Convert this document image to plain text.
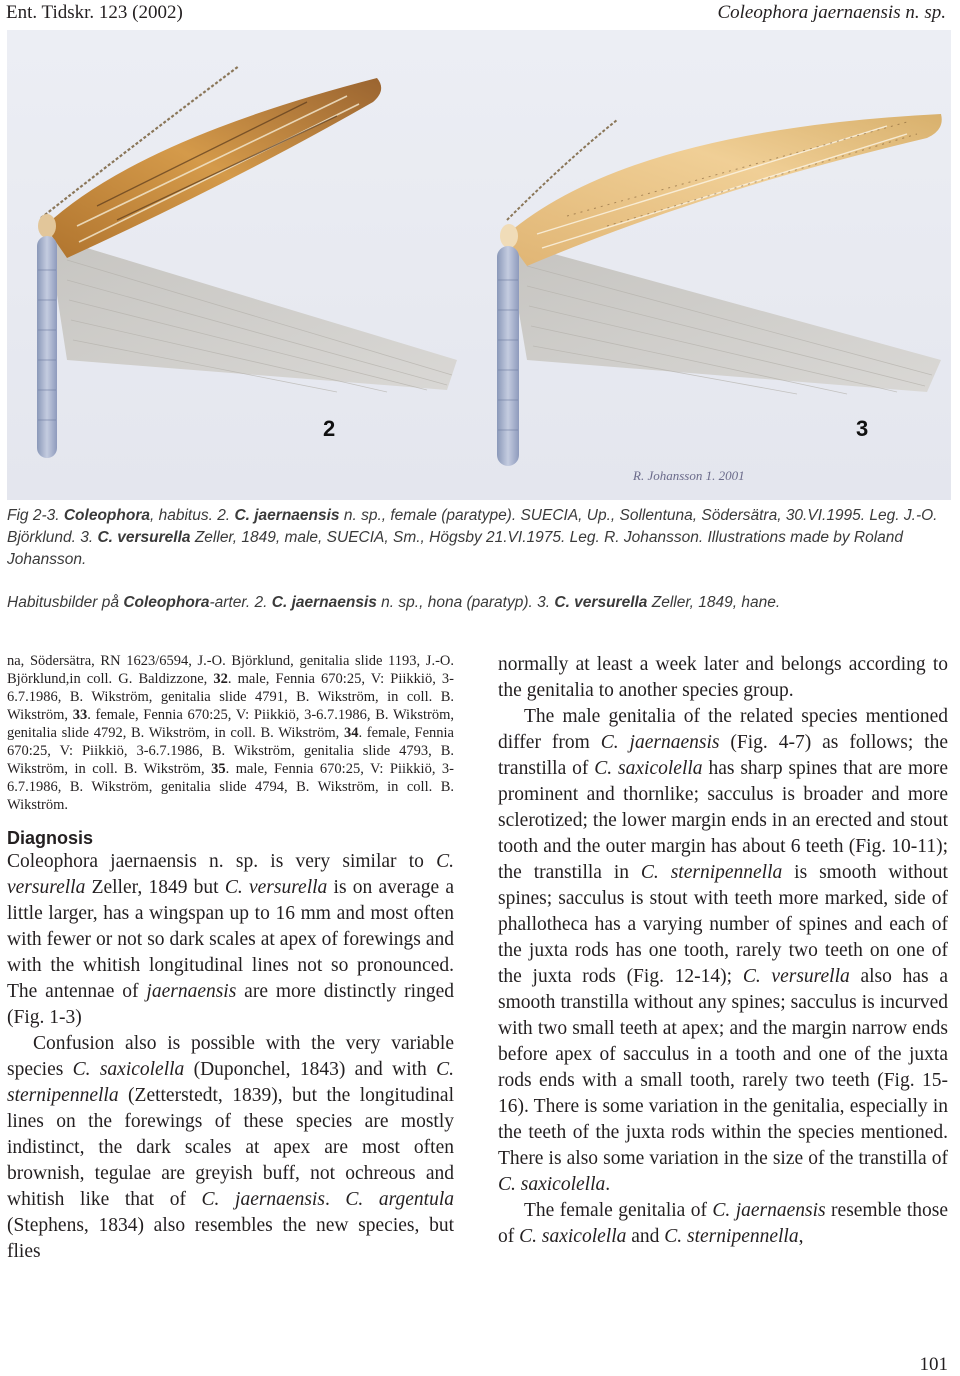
Ent. Tidskr. 123 (2002)	Coleophora jaernaensis n. sp.
2	3
R. Johansson 1. 2001
Fig 2-3. Coleophora, habitus. 2. C. jaernaensis n. sp., female (paratype). SUECIA, Up., Sollentuna, Södersätra, 30.VI.1995. Leg. J.-O. Björklund. 3. C. versurella Zeller, 1849, male, SUECIA, Sm., Högsby 21.VI.1975. Leg. R. Johansson. Illustrations made by Roland Johansson.
Habitusbilder på Coleophora-arter. 2. C. jaernaensis n. sp., hona (paratyp). 3. C. versurella Zeller, 1849, hane.

na, Södersätra, RN 1623/6594, J.-O. Björklund, genitalia slide 1193, J.-O. Björklund,in coll. G. Baldizzone, 32. male, Fennia 670:25, V: Piikkiö, 3-6.7.1986, B. Wikström, genitalia slide 4791, B. Wikström, in coll. B. Wikström, 33. female, Fennia 670:25, V: Piikkiö, 3-6.7.1986, B. Wikström, genitalia slide 4792, B. Wikström, in coll. B. Wikström, 34. female, Fennia 670:25, V: Piikkiö, 3-6.7.1986, B. Wikström, genitalia slide 4793, B. Wikström, in coll. B. Wikström, 35. male, Fennia 670:25, V: Piikkiö, 3-6.7.1986, B. Wikström, genitalia slide 4794, B. Wikström, in coll. B. Wikström.

Diagnosis

Coleophora jaernaensis n. sp. is very similar to C. versurella Zeller, 1849 but C. versurella is on average a little larger, has a wingspan up to 16 mm and most often with fewer or not so dark scales at apex of forewings and with the whitish longitudinal lines not so pronounced. The antennae of jaernaensis are more distinctly ringed (Fig. 1-3)

Confusion also is possible with the very variable species C. saxicolella (Duponchel, 1843) and with C. sternipennella (Zetterstedt, 1839), but the longitudinal lines on the forewings of these species are mostly indistinct, the dark scales at apex are most often brownish, tegulae are greyish buff, not ochreous and whitish like that of C. jaernaensis. C. argentula (Stephens, 1834) also resembles the new species, but flies

normally at least a week later and belongs according to the genitalia to another species group.

The male genitalia of the related species mentioned differ from C. jaernaensis (Fig. 4-7) as follows; the transtilla of C. saxicolella has sharp spines that are more prominent and thornlike; sacculus is broader and more sclerotized; the lower margin ends in an erected and stout tooth and the outer margin has about 6 teeth (Fig. 10-11); the transtilla in C. sternipennella is smooth without spines; sacculus is stout with teeth more marked, side of phallotheca has a varying number of spines and each of the juxta rods has one tooth, rarely two teeth on one of the juxta rods (Fig. 12-14); C. versurella also has a smooth transtilla without any spines; sacculus is incurved with two small teeth at apex; and the margin narrow ends before apex of sacculus in a tooth and one of the juxta rods ends with a small tooth, rarely two teeth (Fig. 15-16). There is some variation in the genitalia, especially in the teeth of the juxta rods within the species mentioned. There is also some variation in the size of the transtilla of C. saxicolella.

The female genitalia of C. jaernaensis resemble those of C. saxicolella and C. sternipennella,

101
